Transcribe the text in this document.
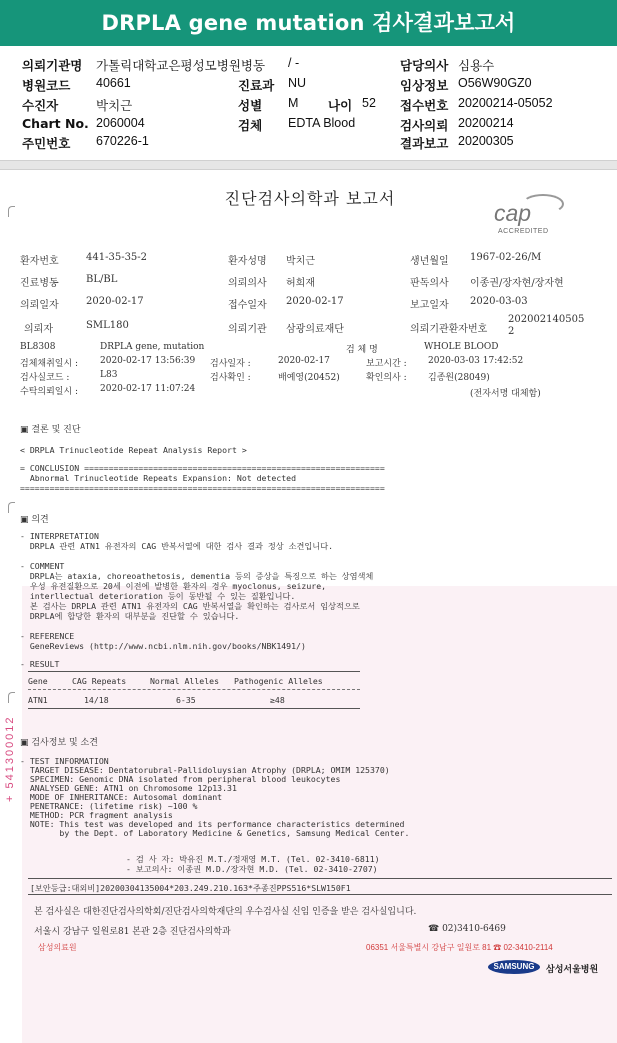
DRPLA gene mutation 검사결과보고서
의뢰기관명 가톨릭대학교은평성모병원병동 / -	담당의사 심용수
병원코드 40661	진료과 NU	임상정보 O56W90GZ0
수진자	박치근	성별 M 나이 52 접수번호 20200214-05052
Chart No. 2060004	검체 EDTA Blood	검사의뢰 20200214
주민번호 670226-1	결과보고 20200305
진단검사의학과 보고서
cap
ACCREDITED
환자번호	441-35-35-2	환자성명 박치근	생년월일 1967-02-26/M
진료병동	BL/BL	의뢰의사 허희재	판독의사 이종권/장자현/장자현
의뢰일자	2020-02-17	접수일자 2020-02-17	보고일자 2020-03-03
의뢰자	SML180	의뢰기관 삼광의료재단	의뢰기관환자번호
202002140505
2
BL8308	DRPLA gene, mutation	검 체 명	WHOLE BLOOD
검체채취일시 : 2020-02-17 13:56:39 검사일자 :	2020-02-17	보고시간 : 2020-03-03 17:42:52
검사실코드 :	L83	검사확인 :	배예영(20452)	확인의사 : 김종원(28049)
수탁의뢰일시 : 2020-02-17 11:07:24	(전자서명 대체함)
▣ 결론 및 진단
< DRPLA Trinucleotide Repeat Analysis Report >
= CONCLUSION =============================================================
Abnormal Trinucleotide Repeats Expansion: Not detected
==========================================================================
▣ 의견
- INTERPRETATION
DRPLA 관련 ATN1 유전자의 CAG 반복서열에 대한 검사 결과 정상 소견입니다.
- COMMENT
DRPLA는 ataxia, choreoathetosis, dementia 등의 증상을 특징으로 하는 상염색체
우성 유전질환으로 20세 이전에 발병한 환자의 경우 myoclonus, seizure,
interllectual deterioration 등이 동반될 수 있는 질환입니다.
본 검사는 DRPLA 관련 ATN1 유전자의 CAG 반복서열을 확인하는 검사로서 임상적으로
DRPLA에 합당한 환자의 대부분을 진단할 수 있습니다.
- REFERENCE
GeneReviews (http://www.ncbi.nlm.nih.gov/books/NBK1491/)
- RESULT
Gene	CAG Repeats	Normal Alleles Pathogenic Alleles
ATN1	14/18	6-35	≥48
▣ 검사정보 및 소견
- TEST INFORMATION
TARGET DISEASE: Dentatorubral-Pallidoluysian Atrophy (DRPLA; OMIM 125370)
SPECIMEN: Genomic DNA isolated from peripheral blood leukocytes
ANALYSED GENE: ATN1 on Chromosome 12p13.31
MODE OF INHERITANCE: Autosomal dominant
PENETRANCE: (lifetime risk) ~100 %
METHOD: PCR fragment analysis
NOTE: This test was developed and its performance characteristics determined
by the Dept. of Laboratory Medicine & Genetics, Samsung Medical Center.
- 검 사 자: 박유진 M.T./정재영 M.T. (Tel. 02-3410-6811)
- 보고의사: 이종권 M.D./장자현 M.D. (Tel. 02-3410-2707)
[보안등급:대외비]20200304135004*203.249.210.163*주종진PPS516*SLW150F1
본 검사실은 대한진단검사의학회/진단검사의학재단의 우수검사실 신임 인증을 받은 검사실입니다.
서울시 강남구 일원로81 본관 2층 진단검사의학과	☎ 02)3410-6469
삼성의료원	06351 서울특별시 강남구 일원로 81 ☎ 02-3410-2114
SAMSUNG	삼성서울병원
+ 541300012
